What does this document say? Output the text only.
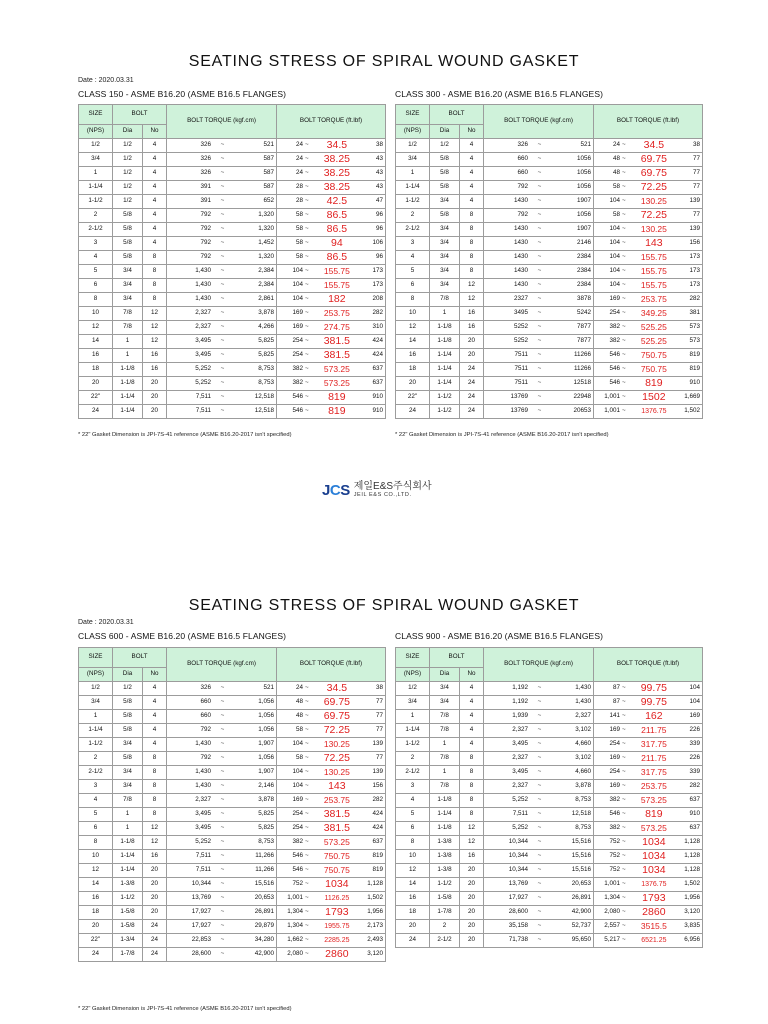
SEATING STRESS OF SPIRAL WOUND GASKET
Date : 2020.03.31
CLASS 150 - ASME B16.20 (ASME B16.5 FLANGES)	CLASS 300 - ASME B16.20 (ASME B16.5 FLANGES)
SIZE	BOLT		BOLT TORQUE (kgf.cm)	BOLT TORQUE (ft.lbf)
(NPS)	Dia	No		
1/2	1/2	4	326 ~ 521	24 ~ 34.5 38

3/4	1/2	4	326 ~ 587	24 ~ 38.25 43

1	1/2	4	326 ~ 587	24 ~ 38.25 43

1-1/4	1/2	4	391 ~ 587	28 ~ 38.25 43

1-1/2	1/2	4	391 ~ 652	28 ~ 42.5 47

2	5/8	4	792 ~ 1,320	58 ~ 86.5 96

2-1/2	5/8	4	792 ~ 1,320	58 ~ 86.5 96

3	5/8	4	792 ~ 1,452	58 ~ 94 106

4	5/8	8	792 ~ 1,320	58 ~ 86.5 96

5	3/4	8	1,430 ~ 2,384	104 ~ 155.75 173

6	3/4	8	1,430 ~ 2,384	104 ~ 155.75 173

8	3/4	8	1,430 ~ 2,861	104 ~ 182 208

10	7/8	12	2,327 ~ 3,878	169 ~ 253.75 282

12	7/8	12	2,327 ~ 4,266	169 ~ 274.75 310

14	1	12	3,495 ~ 5,825	254 ~ 381.5 424

16	1	16	3,495 ~ 5,825	254 ~ 381.5 424

18	1-1/8	16	5,252 ~ 8,753	382 ~ 573.25 637

20	1-1/8	20	5,252 ~ 8,753	382 ~ 573.25 637

22"	1-1/4	20	7,511 ~ 12,518	546 ~ 819 910

24	1-1/4	20	7,511 ~ 12,518	546 ~ 819 910
SIZE	BOLT		BOLT TORQUE (kgf.cm)	BOLT TORQUE (ft.lbf)
(NPS)	Dia	No		
1/2	1/2	4	326 ~ 521	24 ~ 34.5 38

3/4	5/8	4	660 ~ 1056	48 ~ 69.75 77

1	5/8	4	660 ~ 1056	48 ~ 69.75 77

1-1/4	5/8	4	792 ~ 1056	58 ~ 72.25 77

1-1/2	3/4	4	1430 ~ 1907	104 ~ 130.25 139

2	5/8	8	792 ~ 1056	58 ~ 72.25 77

2-1/2	3/4	8	1430 ~ 1907	104 ~ 130.25 139

3	3/4	8	1430 ~ 2146	104 ~ 143 156

4	3/4	8	1430 ~ 2384	104 ~ 155.75 173

5	3/4	8	1430 ~ 2384	104 ~ 155.75 173

6	3/4	12	1430 ~ 2384	104 ~ 155.75 173

8	7/8	12	2327 ~ 3878	169 ~ 253.75 282

10	1	16	3495 ~ 5242	254 ~ 349.25 381

12	1-1/8	16	5252 ~ 7877	382 ~ 525.25 573

14	1-1/8	20	5252 ~ 7877	382 ~ 525.25 573

16	1-1/4	20	7511 ~ 11266	546 ~ 750.75 819

18	1-1/4	24	7511 ~ 11266	546 ~ 750.75 819

20	1-1/4	24	7511 ~ 12518	546 ~ 819 910

22"	1-1/2	24	13769 ~ 22948	1,001 ~ 1502 1,669

24	1-1/2	24	13769 ~ 20653	1,001 ~ 1376.75 1,502
* 22" Gasket Dimension is JPI-7S-41 reference (ASME B16.20-2017 isn't specified)	* 22" Gasket Dimension is JPI-7S-41 reference (ASME B16.20-2017 isn't specified)
JCS 제일E&S주식회사
JEIL E&S CO.,LTD.
SEATING STRESS OF SPIRAL WOUND GASKET
Date : 2020.03.31
CLASS 600 - ASME B16.20 (ASME B16.5 FLANGES)	CLASS 900 - ASME B16.20 (ASME B16.5 FLANGES)
SIZE	BOLT		BOLT TORQUE (kgf.cm)	BOLT TORQUE (ft.lbf)
(NPS)	Dia	No		
1/2	1/2	4	326 ~ 521	24 ~ 34.5 38

3/4	5/8	4	660 ~ 1,056	48 ~ 69.75 77

1	5/8	4	660 ~ 1,056	48 ~ 69.75 77

1-1/4	5/8	4	792 ~ 1,056	58 ~ 72.25 77

1-1/2	3/4	4	1,430 ~ 1,907	104 ~ 130.25 139

2	5/8	8	792 ~ 1,056	58 ~ 72.25 77

2-1/2	3/4	8	1,430 ~ 1,907	104 ~ 130.25 139

3	3/4	8	1,430 ~ 2,146	104 ~ 143 156

4	7/8	8	2,327 ~ 3,878	169 ~ 253.75 282

5	1	8	3,495 ~ 5,825	254 ~ 381.5 424

6	1	12	3,495 ~ 5,825	254 ~ 381.5 424

8	1-1/8	12	5,252 ~ 8,753	382 ~ 573.25 637

10	1-1/4	16	7,511 ~ 11,266	546 ~ 750.75 819

12	1-1/4	20	7,511 ~ 11,266	546 ~ 750.75 819

14	1-3/8	20	10,344 ~ 15,516	752 ~ 1034 1,128

16	1-1/2	20	13,769 ~ 20,653	1,001 ~ 1126.25 1,502

18	1-5/8	20	17,927 ~ 26,891	1,304 ~ 1793 1,956

20	1-5/8	24	17,927 ~ 29,879	1,304 ~ 1955.75 2,173

22"	1-3/4	24	22,853 ~ 34,280	1,662 ~ 2285.25 2,493

24	1-7/8	24	28,600 ~ 42,900	2,080 ~ 2860 3,120
SIZE	BOLT		BOLT TORQUE (kgf.cm)	BOLT TORQUE (ft.lbf)
(NPS)	Dia	No		
1/2	3/4	4	1,192 ~ 1,430	87 ~ 99.75 104

3/4	3/4	4	1,192 ~ 1,430	87 ~ 99.75 104

1	7/8	4	1,939 ~ 2,327	141 ~ 162 169

1-1/4	7/8	4	2,327 ~ 3,102	169 ~ 211.75 226

1-1/2	1	4	3,495 ~ 4,660	254 ~ 317.75 339

2	7/8	8	2,327 ~ 3,102	169 ~ 211.75 226

2-1/2	1	8	3,495 ~ 4,660	254 ~ 317.75 339

3	7/8	8	2,327 ~ 3,878	169 ~ 253.75 282

4	1-1/8	8	5,252 ~ 8,753	382 ~ 573.25 637

5	1-1/4	8	7,511 ~ 12,518	546 ~ 819 910

6	1-1/8	12	5,252 ~ 8,753	382 ~ 573.25 637

8	1-3/8	12	10,344 ~ 15,516	752 ~ 1034 1,128

10	1-3/8	16	10,344 ~ 15,516	752 ~ 1034 1,128

12	1-3/8	20	10,344 ~ 15,516	752 ~ 1034 1,128

14	1-1/2	20	13,769 ~ 20,653	1,001 ~ 1376.75 1,502

16	1-5/8	20	17,927 ~ 26,891	1,304 ~ 1793 1,956

18	1-7/8	20	28,600 ~ 42,900	2,080 ~ 2860 3,120

20	2	20	35,158 ~ 52,737	2,557 ~ 3515.5 3,835

24	2-1/2	20	71,738 ~ 95,650	5,217 ~ 6521.25 6,956
* 22" Gasket Dimension is JPI-7S-41 reference (ASME B16.20-2017 isn't specified)
